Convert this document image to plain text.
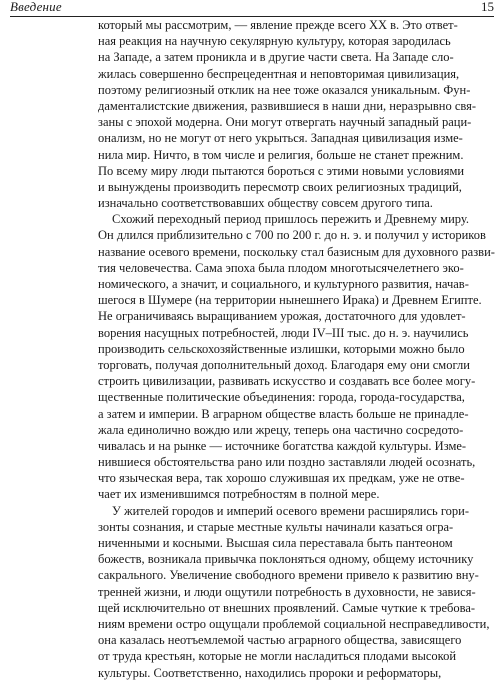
Введение	15
который мы рассмотрим, — явление прежде всего XX в. Это ответ-
ная реакция на научную секулярную культуру, которая зародилась
на Западе, а затем проникла и в другие части света. На Западе сло-
жилась совершенно беспрецедентная и неповторимая цивилизация,
поэтому религиозный отклик на нее тоже оказался уникальным. Фун-
даменталистские движения, развившиеся в наши дни, неразрывно свя-
заны с эпохой модерна. Они могут отвергать научный западный раци-
онализм, но не могут от него укрыться. Западная цивилизация изме-
нила мир. Ничто, в том числе и религия, больше не станет прежним.
По всему миру люди пытаются бороться с этими новыми условиями
и вынуждены производить пересмотр своих религиозных традиций,
изначально соответствовавших обществу совсем другого типа.
Схожий переходный период пришлось пережить и Древнему миру.
Он длился приблизительно с 700 по 200 г. до н. э. и получил у историков
название осевого времени, поскольку стал базисным для духовного разви-
тия человечества. Сама эпоха была плодом многотысячелетнего эко-
номического, а значит, и социального, и культурного развития, начав-
шегося в Шумере (на территории нынешнего Ирака) и Древнем Египте.
Не ограничиваясь выращиванием урожая, достаточного для удовлет-
ворения насущных потребностей, люди IV–III тыс. до н. э. научились
производить сельскохозяйственные излишки, которыми можно было
торговать, получая дополнительный доход. Благодаря ему они смогли
строить цивилизации, развивать искусство и создавать все более могу-
щественные политические объединения: города, города-государства,
а затем и империи. В аграрном обществе власть больше не принадле-
жала единолично вождю или жрецу, теперь она частично сосредото-
чивалась и на рынке — источнике богатства каждой культуры. Изме-
нившиеся обстоятельства рано или поздно заставляли людей осознать,
что языческая вера, так хорошо служившая их предкам, уже не отве-
чает их изменившимся потребностям в полной мере.
У жителей городов и империй осевого времени расширялись гори-
зонты сознания, и старые местные культы начинали казаться огра-
ниченными и косными. Высшая сила переставала быть пантеоном
божеств, возникала привычка поклоняться одному, общему источнику
сакрального. Увеличение свободного времени привело к развитию вну-
тренней жизни, и люди ощутили потребность в духовности, не завися-
щей исключительно от внешних проявлений. Самые чуткие к требова-
ниям времени остро ощущали проблемой социальной несправедливости,
она казалась неотъемлемой частью аграрного общества, зависящего
от труда крестьян, которые не могли насладиться плодами высокой
культуры. Соответственно, находились пророки и реформаторы,
